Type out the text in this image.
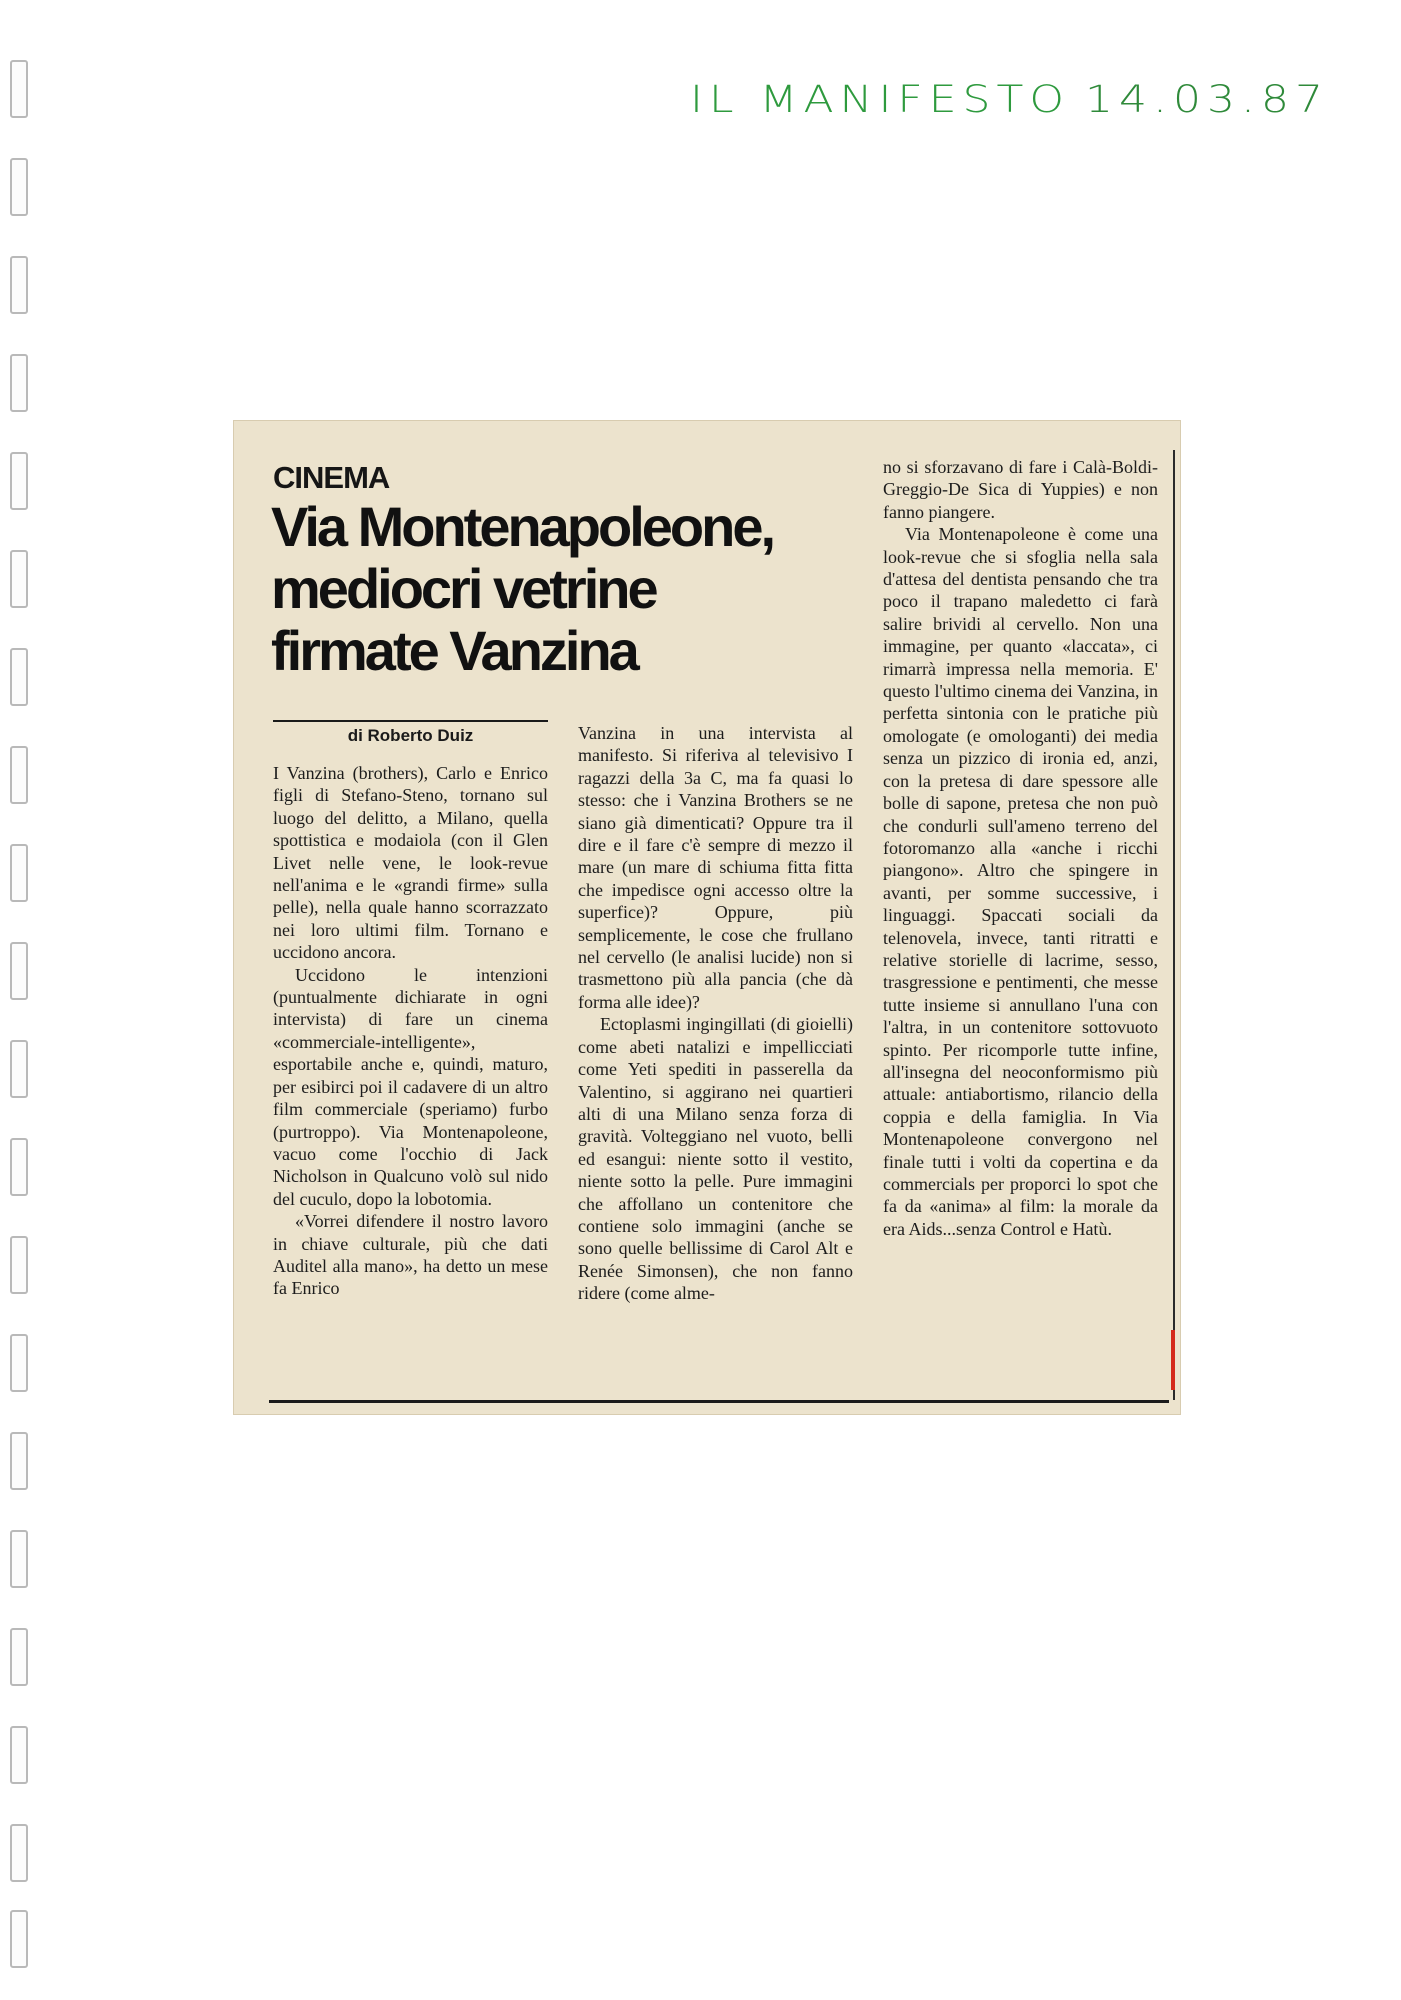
IL MANIFESTO 14.03.87
CINEMA
Via Montenapoleone, mediocri vetrine firmate Vanzina
di Roberto Duiz

I Vanzina (brothers), Carlo e Enrico figli di Stefano-Steno, tornano sul luogo del delitto, a Milano, quella spottistica e modaiola (con il Glen Livet nelle vene, le look-revue nell'anima e le «grandi firme» sulla pelle), nella quale hanno scorrazzato nei loro ultimi film. Tornano e uccidono ancora.

Uccidono le intenzioni (puntualmente dichiarate in ogni intervista) di fare un cinema «commerciale-intelligente», esportabile anche e, quindi, maturo, per esibirci poi il cadavere di un altro film commerciale (speriamo) furbo (purtroppo). Via Montenapoleone, vacuo come l'occhio di Jack Nicholson in Qualcuno volò sul nido del cuculo, dopo la lobotomia.

«Vorrei difendere il nostro lavoro in chiave culturale, più che dati Auditel alla mano», ha detto un mese fa Enrico

Vanzina in una intervista al manifesto. Si riferiva al televisivo I ragazzi della 3a C, ma fa quasi lo stesso: che i Vanzina Brothers se ne siano già dimenticati? Oppure tra il dire e il fare c'è sempre di mezzo il mare (un mare di schiuma fitta fitta che impedisce ogni accesso oltre la superfice)? Oppure, più semplicemente, le cose che frullano nel cervello (le analisi lucide) non si trasmettono più alla pancia (che dà forma alle idee)?

Ectoplasmi ingingillati (di gioielli) come abeti natalizi e impellicciati come Yeti spediti in passerella da Valentino, si aggirano nei quartieri alti di una Milano senza forza di gravità. Volteggiano nel vuoto, belli ed esangui: niente sotto il vestito, niente sotto la pelle. Pure immagini che affollano un contenitore che contiene solo immagini (anche se sono quelle bellissime di Carol Alt e Renée Simonsen), che non fanno ridere (come alme-

no si sforzavano di fare i Calà-Boldi-Greggio-De Sica di Yuppies) e non fanno piangere.

Via Montenapoleone è come una look-revue che si sfoglia nella sala d'attesa del dentista pensando che tra poco il trapano maledetto ci farà salire brividi al cervello. Non una immagine, per quanto «laccata», ci rimarrà impressa nella memoria. E' questo l'ultimo cinema dei Vanzina, in perfetta sintonia con le pratiche più omologate (e omologanti) dei media senza un pizzico di ironia ed, anzi, con la pretesa di dare spessore alle bolle di sapone, pretesa che non può che condurli sull'ameno terreno del fotoromanzo alla «anche i ricchi piangono». Altro che spingere in avanti, per somme successive, i linguaggi. Spaccati sociali da telenovela, invece, tanti ritratti e relative storielle di lacrime, sesso, trasgressione e pentimenti, che messe tutte insieme si annullano l'una con l'altra, in un contenitore sottovuoto spinto. Per ricomporle tutte infine, all'insegna del neoconformismo più attuale: antiabortismo, rilancio della coppia e della famiglia. In Via Montenapoleone convergono nel finale tutti i volti da copertina e da commercials per proporci lo spot che fa da «anima» al film: la morale da era Aids...senza Control e Hatù.
